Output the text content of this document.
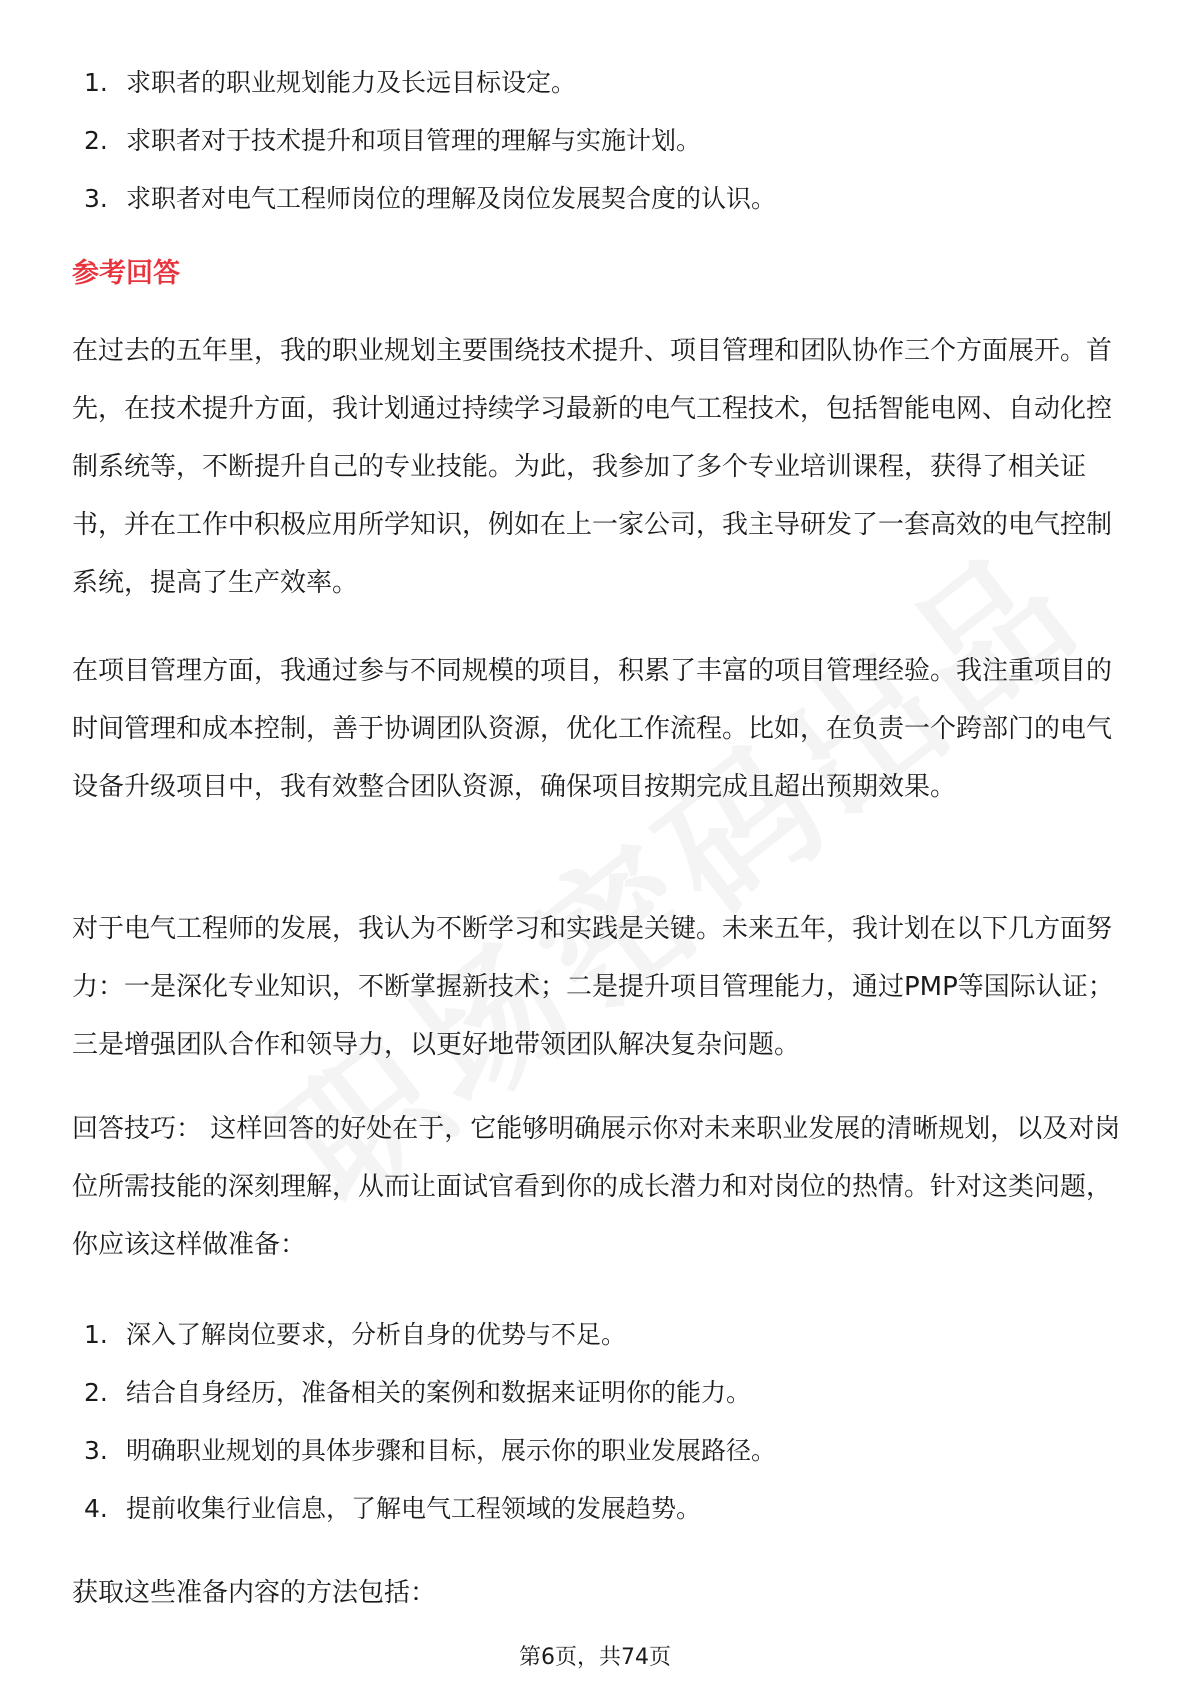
1. 求职者的职业规划能力及长远目标设定。
2. 求职者对于技术提升和项目管理的理解与实施计划。
3. 求职者对电气工程师岗位的理解及岗位发展契合度的认识。
参考回答

在过去的五年里，我的职业规划主要围绕技术提升、项目管理和团队协作三个方面展开。首先，在技术提升方面，我计划通过持续学习最新的电气工程技术，包括智能电网、自动化控制系统等，不断提升自己的专业技能。为此，我参加了多个专业培训课程，获得了相关证书，并在工作中积极应用所学知识，例如在上一家公司，我主导研发了一套高效的电气控制系统，提高了生产效率。

在项目管理方面，我通过参与不同规模的项目，积累了丰富的项目管理经验。我注重项目的时间管理和成本控制，善于协调团队资源，优化工作流程。比如，在负责一个跨部门的电气设备升级项目中，我有效整合团队资源，确保项目按期完成且超出预期效果。

对于电气工程师的发展，我认为不断学习和实践是关键。未来五年，我计划在以下几方面努力：一是深化专业知识，不断掌握新技术；二是提升项目管理能力，通过PMP等国际认证；三是增强团队合作和领导力，以更好地带领团队解决复杂问题。

回答技巧： 这样回答的好处在于，它能够明确展示你对未来职业发展的清晰规划，以及对岗位所需技能的深刻理解，从而让面试官看到你的成长潜力和对岗位的热情。针对这类问题，你应该这样做准备：

1. 深入了解岗位要求，分析自身的优势与不足。
2. 结合自身经历，准备相关的案例和数据来证明你的能力。
3. 明确职业规划的具体步骤和目标，展示你的职业发展路径。
4. 提前收集行业信息，了解电气工程领域的发展趋势。

获取这些准备内容的方法包括：

第6页，共74页
